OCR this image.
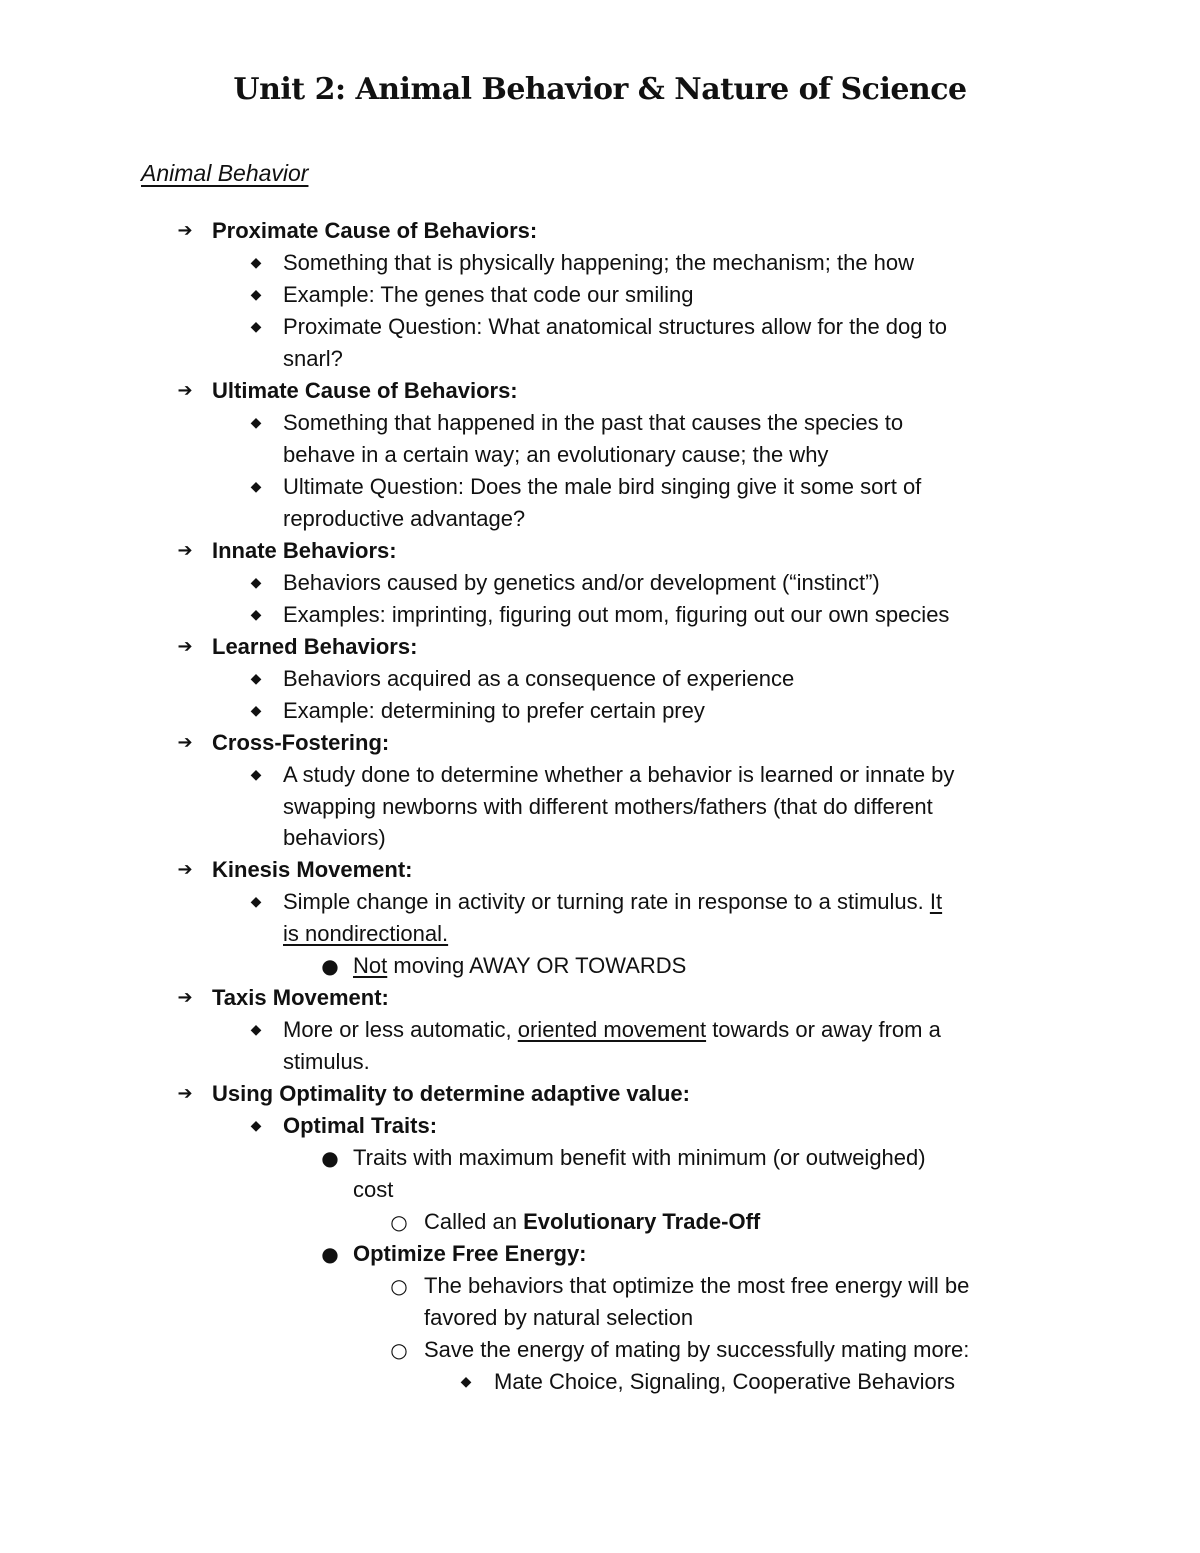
Unit 2: Animal Behavior & Nature of Science
Animal Behavior
➔ Proximate Cause of Behaviors:
◆ Something that is physically happening; the mechanism; the how
◆ Example: The genes that code our smiling
◆ Proximate Question: What anatomical structures allow for the dog to
snarl?
➔ Ultimate Cause of Behaviors:
◆ Something that happened in the past that causes the species to
behave in a certain way; an evolutionary cause; the why
◆ Ultimate Question: Does the male bird singing give it some sort of
reproductive advantage?
➔ Innate Behaviors:
◆ Behaviors caused by genetics and/or development (“instinct”)
◆ Examples: imprinting, figuring out mom, figuring out our own species
➔ Learned Behaviors:
◆ Behaviors acquired as a consequence of experience
◆ Example: determining to prefer certain prey
➔ Cross-Fostering:
◆ A study done to determine whether a behavior is learned or innate by
swapping newborns with different mothers/fathers (that do different
behaviors)
➔ Kinesis Movement:
◆ Simple change in activity or turning rate in response to a stimulus. It
is nondirectional.
● Not moving AWAY OR TOWARDS
➔ Taxis Movement:
◆ More or less automatic, oriented movement towards or away from a
stimulus.
➔ Using Optimality to determine adaptive value:
◆ Optimal Traits:
● Traits with maximum benefit with minimum (or outweighed)
cost
○ Called an Evolutionary Trade-Off
● Optimize Free Energy:
○ The behaviors that optimize the most free energy will be
favored by natural selection
○ Save the energy of mating by successfully mating more:
◆ Mate Choice, Signaling, Cooperative Behaviors
